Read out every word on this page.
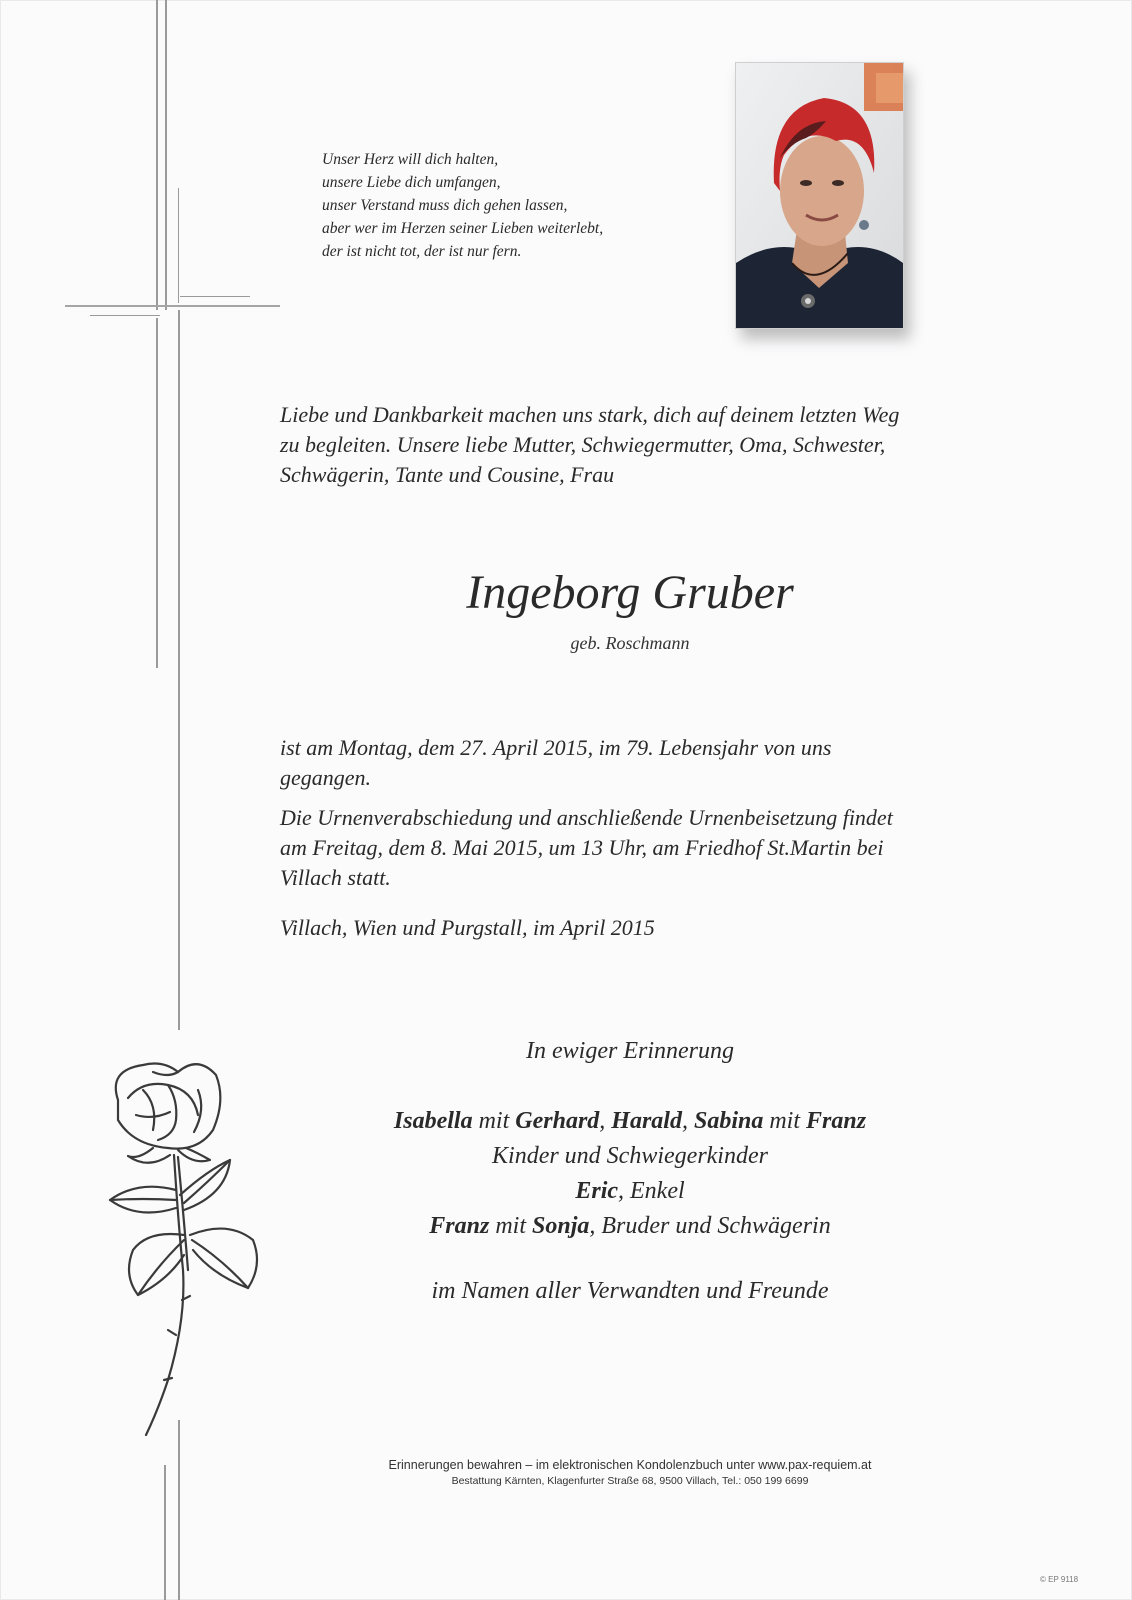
Unser Herz will dich halten,
unsere Liebe dich umfangen,
unser Verstand muss dich gehen lassen,
aber wer im Herzen seiner Lieben weiterlebt,
der ist nicht tot, der ist nur fern.
Liebe und Dankbarkeit machen uns stark, dich auf deinem letzten Weg
zu begleiten. Unsere liebe Mutter, Schwiegermutter, Oma, Schwester,
Schwägerin, Tante und Cousine, Frau
Ingeborg Gruber
geb. Roschmann
ist am Montag, dem 27. April 2015, im 79. Lebensjahr von uns
gegangen.
Die Urnenverabschiedung und anschließende Urnenbeisetzung findet
am Freitag, dem 8. Mai 2015, um 13 Uhr, am Friedhof St.Martin bei
Villach statt.
Villach, Wien und Purgstall, im April 2015
In ewiger Erinnerung
Isabella mit Gerhard, Harald, Sabina mit Franz
Kinder und Schwiegerkinder
Eric, Enkel
Franz mit Sonja, Bruder und Schwägerin
im Namen aller Verwandten und Freunde
Erinnerungen bewahren – im elektronischen Kondolenzbuch unter www.pax-requiem.at
Bestattung Kärnten, Klagenfurter Straße 68, 9500 Villach, Tel.: 050 199 6699
© EP 9118
